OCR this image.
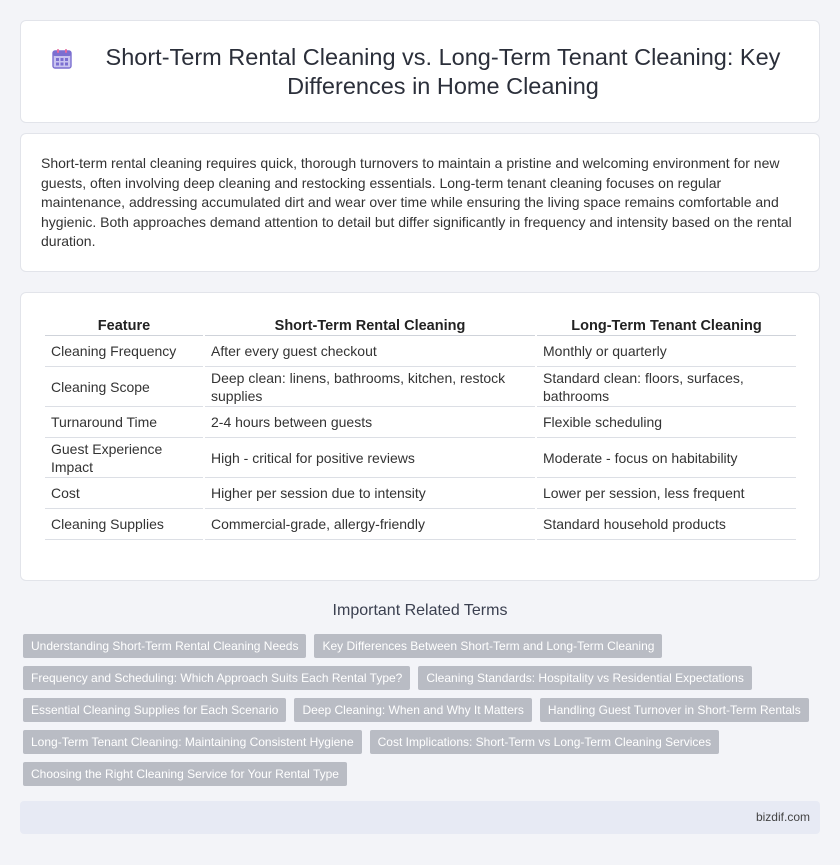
Short-Term Rental Cleaning vs. Long-Term Tenant Cleaning: Key Differences in Home Cleaning

Short-term rental cleaning requires quick, thorough turnovers to maintain a pristine and welcoming environment for new guests, often involving deep cleaning and restocking essentials. Long-term tenant cleaning focuses on regular maintenance, addressing accumulated dirt and wear over time while ensuring the living space remains comfortable and hygienic. Both approaches demand attention to detail but differ significantly in frequency and intensity based on the rental duration.

Feature	Short-Term Rental Cleaning	Long-Term Tenant Cleaning
Cleaning Frequency	After every guest checkout	Monthly or quarterly
Cleaning Scope	Deep clean: linens, bathrooms, kitchen, restock supplies	Standard clean: floors, surfaces, bathrooms
Turnaround Time	2-4 hours between guests	Flexible scheduling
Guest Experience Impact	High - critical for positive reviews	Moderate - focus on habitability
Cost	Higher per session due to intensity	Lower per session, less frequent
Cleaning Supplies	Commercial-grade, allergy-friendly	Standard household products
Important Related Terms
Understanding Short-Term Rental Cleaning Needs	Key Differences Between Short-Term and Long-Term Cleaning
Frequency and Scheduling: Which Approach Suits Each Rental Type?	Cleaning Standards: Hospitality vs Residential Expectations
Essential Cleaning Supplies for Each Scenario	Deep Cleaning: When and Why It Matters	Handling Guest Turnover in Short-Term Rentals
Long-Term Tenant Cleaning: Maintaining Consistent Hygiene	Cost Implications: Short-Term vs Long-Term Cleaning Services
Choosing the Right Cleaning Service for Your Rental Type
bizdif.com
